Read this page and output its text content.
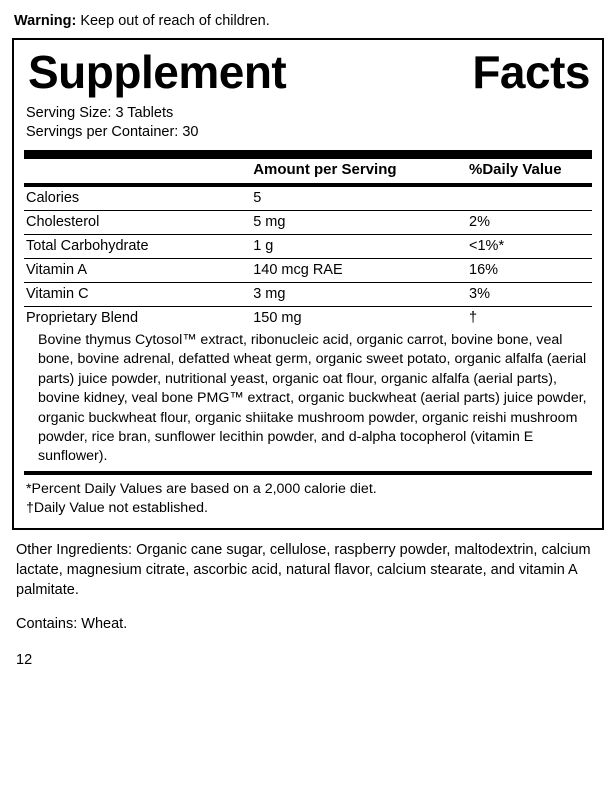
Warning: Keep out of reach of children.
Supplement	Facts
Serving Size: 3 Tablets
Servings per Container: 30
	Amount per Serving	%Daily Value
Calories	5	
Cholesterol	5 mg	2%
Total Carbohydrate	1 g	<1%*
Vitamin A	140 mcg RAE	16%
Vitamin C	3 mg	3%
Proprietary Blend	150 mg	†
Bovine thymus Cytosol™ extract, ribonucleic acid, organic carrot, bovine bone, veal bone, bovine adrenal, defatted wheat germ, organic sweet potato, organic alfalfa (aerial parts) juice powder, nutritional yeast, organic oat flour, organic alfalfa (aerial parts), bovine kidney, veal bone PMG™ extract, organic buckwheat (aerial parts) juice powder, organic buckwheat flour, organic shiitake mushroom powder, organic reishi mushroom powder, rice bran, sunflower lecithin powder, and d-alpha tocopherol (vitamin E sunflower).
*Percent Daily Values are based on a 2,000 calorie diet.
†Daily Value not established.
Other Ingredients: Organic cane sugar, cellulose, raspberry powder, maltodextrin, calcium lactate, magnesium citrate, ascorbic acid, natural flavor, calcium stearate, and vitamin A palmitate.
Contains: Wheat.
12
